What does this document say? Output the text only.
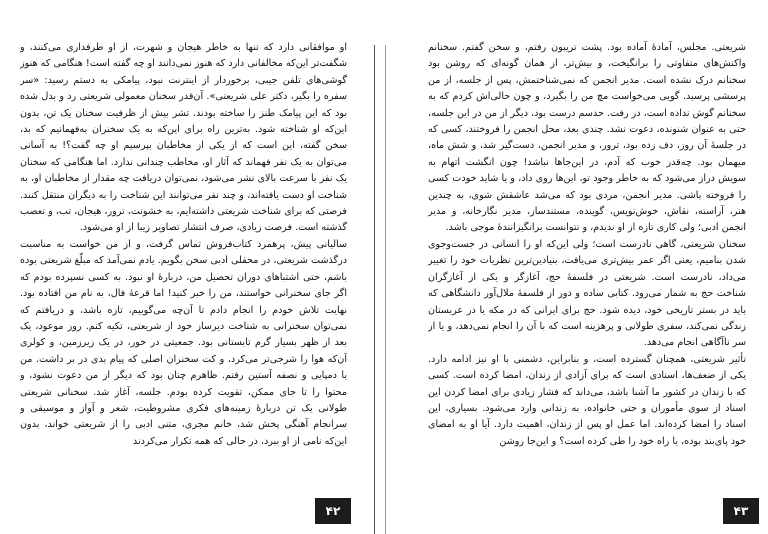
او موافقانی دارد که تنها به خاطر هیجان و شهرت، از او طرفداری می‌کنند، و شگفت‌تر این‌که مخالفانی دارد که هنوز نمی‌دانند او چه گفته است! هنگامی که هنوز گوشی‌های تلفن جیبی، برخوردار از اینترنت نبود، پیامکی به دستم رسید: «سر سفره را بگیر، دکتر علی شریعتی». آن‌قدر سخنان معمولی شریعتی رد و بدل شده بود که این پیامک طنز را ساخته بودند. تشر بیش از ظرفیت سخنان یک تن، بدون این‌که او شناخته شود. به‌ترین راه برای این‌که به یک سخنران به‌فهمانیم که بد، سخن گفته، این است که از یکی از مخاطبان بپرسیم او چه گفت؟! به آسانی می‌توان به یک نفر فهماند که آثار او، مخاطب چندانی ندارد. اما هنگامی که سخنان یک نفر با سرعت بالای نشر می‌شود، نمی‌توان دریافت چه مقدار از مخاطبان او، به شناخت او دست یافته‌اند، و چند نفر می‌توانند این شناخت را به دیگران منتقل کنند. فرصتی که برای شناخت شریعتی داشته‌ایم، به خشونت، ترور، هیجان، تب، و تعصب گذشته است. فرصت زیادی، صرف انتشار تصاویر زیبا از او می‌شود.

سالیانی پیش، پرهمرد کتاب‌فروش تماس گرفت، و از من خواست به مناسبت درگذشت شریعتی، در محفلی ادبی سخن بگویم. یادم نمی‌آمد که مبلّغ شریعتی بوده باشم، حتی اشتباهای دوران تحصیل من، درباره‌ٔ او نبود. به کسی نسپرده بودم که اگر جای سخنرانی خواستند، من را خبر کنید! اما قرعهٔ فال، به نام من افتاده بود. نهایت تلاش خودم را انجام دادم تا آن‌چه می‌گوییم، تازه باشد، و دریافتم که نمی‌توان سخنرانی به شناخت دیرساز خود از شریعتی، تکیه کنم. روز موعود، یک بعد از ظهر بسیار گرم تابستانی بود. جمعیتی در خور، در یک زیرزمین، و کولری آن‌که هوا را شرجی‌تر می‌کرد، و کت سخنران اصلی که پیام بدی در بر داشت. من با دمپایی و نصفه آستین رفتم. ظاهرم چنان بود که دیگر از من دعوت نشود، و محتوا را تا جای ممکن، تقویت کرده بودم. جلسه، آغاز شد. سخنانی شریعتی طولانی یک تن دربارهٔ زمینه‌های فکری مشروطیت، شعر و آواز و موسیقی و سرانجام آهنگی پخش شد، خانم مجری، متنی ادبی را از شریعتی خواند، بدون این‌که نامی از او ببرد، در حالی که همه تکرار می‌کردند

۴۲

شریعتی. مجلس، آمادهٔ آماده بود. پشت تریبون رفتم، و سخن گفتم. سخنانم واکنش‌های متفاوتی را برانگیخت، و بیش‌تر، از همان گونه‌ای که روشن بود سخنانم درک نشده است. مدیر انجمن که نمی‌شناختمش، پس از جلسه، از من پرسشی پرسید. گویی می‌خواست مچ من را بگیرد، و چون حالی‌اش کردم که به سخنانم گوش نداده است، در رفت. حدسم درست بود، دیگر از من در این جلسه، حتی به عنوان شنونده، دعوت نشد. چندی بعد، محل انجمن را فروختند، کسی که در جلسهٔ آن روز، دف زده بود، ترور، و مدیر انجمن، دست‌گیر شد، و شش ماه، میهمان بود. چه‌قدر خوب که آدم، در این‌جاها نباشد! چون انگشت اتهام به سویش دراز می‌شود که به خاطر وجود تو، این‌ها روی داد، و یا شاید خودت کسی را فروخته باشی. مدیر انجمن، مردی بود که می‌شد عاشقش شوی، به چندین هنر، آراسته، نقاش، خوش‌نویس، گوینده، مستندساز، مدیر نگارخانه، و مدیر انجمن ادبی؛ ولی کاری تازه از او ندیدم، و نتوانست برانگیزانندهٔ موجی باشد.

سخنان شریعتی، گاهی نادرست است؛ ولی این‌که او را انسانی در جست‌وجوی شدن بنامیم، یعنی اگر عمر بیش‌تری می‌یافت، بنیادین‌ترین نظریات خود را تغییر می‌داد، نادرست است. شریعتی در فلسفهٔ حج، آغازگر و یکی از آغازگران شناخت حج به شمار می‌رود. کتابی ساده و دور از فلسفهٔ ملال‌آور دانشگاهی که باید در بستر تاریخی خود، دیده شود. حج برای ایرانی که در مکه یا در عربستان زندگی نمی‌کند، سفری طولانی و پرهزینه است که با آن را انجام نمی‌دهد، و یا از سر ناآگاهی انجام می‌دهد.

تأثیر شریعتی، همچنان گسترده است، و بنابراین، دشمنی با او نیز ادامه دارد. یکی از ضعف‌ها، اسنادی است که برای آزادی از زندان، امضا کرده است. کسی که با زندان در کشور ما آشنا باشد، می‌داند که فشار زیادی برای امضا کردن این اسناد از سوی مأموران و حتی خانواده، به زندانی وارد می‌شود. بسیاری، این اسناد را امضا کرده‌اند. اما عمل او پس از زندان، اهمیت دارد. آیا او به امضای خود پای‌بند بوده، یا راه خود را طی کرده است؟ و این‌جا روشن

۴۳
